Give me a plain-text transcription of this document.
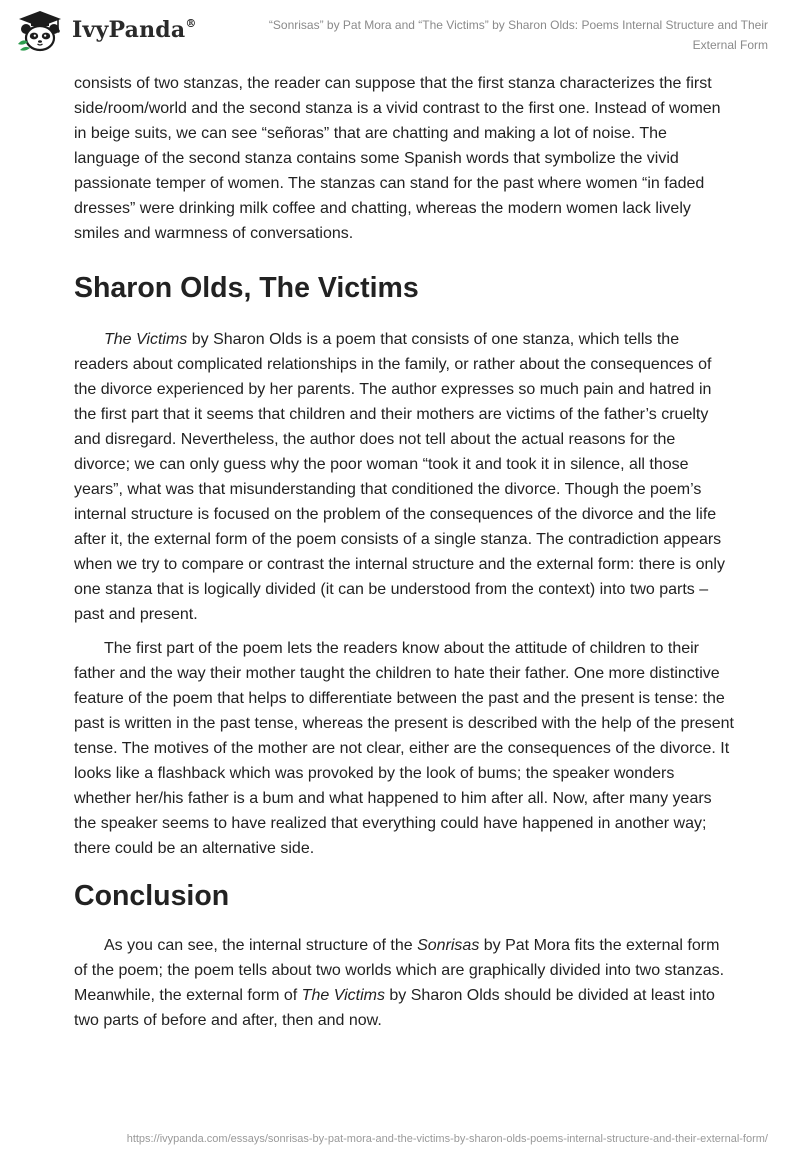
IvyPanda®	“Sonrisas” by Pat Mora and “The Victims” by Sharon Olds: Poems Internal Structure and Their External Form

consists of two stanzas, the reader can suppose that the first stanza characterizes the first side/room/world and the second stanza is a vivid contrast to the first one. Instead of women in beige suits, we can see “señoras” that are chatting and making a lot of noise. The language of the second stanza contains some Spanish words that symbolize the vivid passionate temper of women. The stanzas can stand for the past where women “in faded dresses” were drinking milk coffee and chatting, whereas the modern women lack lively smiles and warmness of conversations.

Sharon Olds, The Victims

The Victims by Sharon Olds is a poem that consists of one stanza, which tells the readers about complicated relationships in the family, or rather about the consequences of the divorce experienced by her parents. The author expresses so much pain and hatred in the first part that it seems that children and their mothers are victims of the father’s cruelty and disregard. Nevertheless, the author does not tell about the actual reasons for the divorce; we can only guess why the poor woman “took it and took it in silence, all those years”, what was that misunderstanding that conditioned the divorce. Though the poem’s internal structure is focused on the problem of the consequences of the divorce and the life after it, the external form of the poem consists of a single stanza. The contradiction appears when we try to compare or contrast the internal structure and the external form: there is only one stanza that is logically divided (it can be understood from the context) into two parts – past and present.

The first part of the poem lets the readers know about the attitude of children to their father and the way their mother taught the children to hate their father. One more distinctive feature of the poem that helps to differentiate between the past and the present is tense: the past is written in the past tense, whereas the present is described with the help of the present tense. The motives of the mother are not clear, either are the consequences of the divorce. It looks like a flashback which was provoked by the look of bums; the speaker wonders whether her/his father is a bum and what happened to him after all. Now, after many years the speaker seems to have realized that everything could have happened in another way; there could be an alternative side.

Conclusion

As you can see, the internal structure of the Sonrisas by Pat Mora fits the external form of the poem; the poem tells about two worlds which are graphically divided into two stanzas. Meanwhile, the external form of The Victims by Sharon Olds should be divided at least into two parts of before and after, then and now.

https://ivypanda.com/essays/sonrisas-by-pat-mora-and-the-victims-by-sharon-olds-poems-internal-structure-and-their-external-form/
